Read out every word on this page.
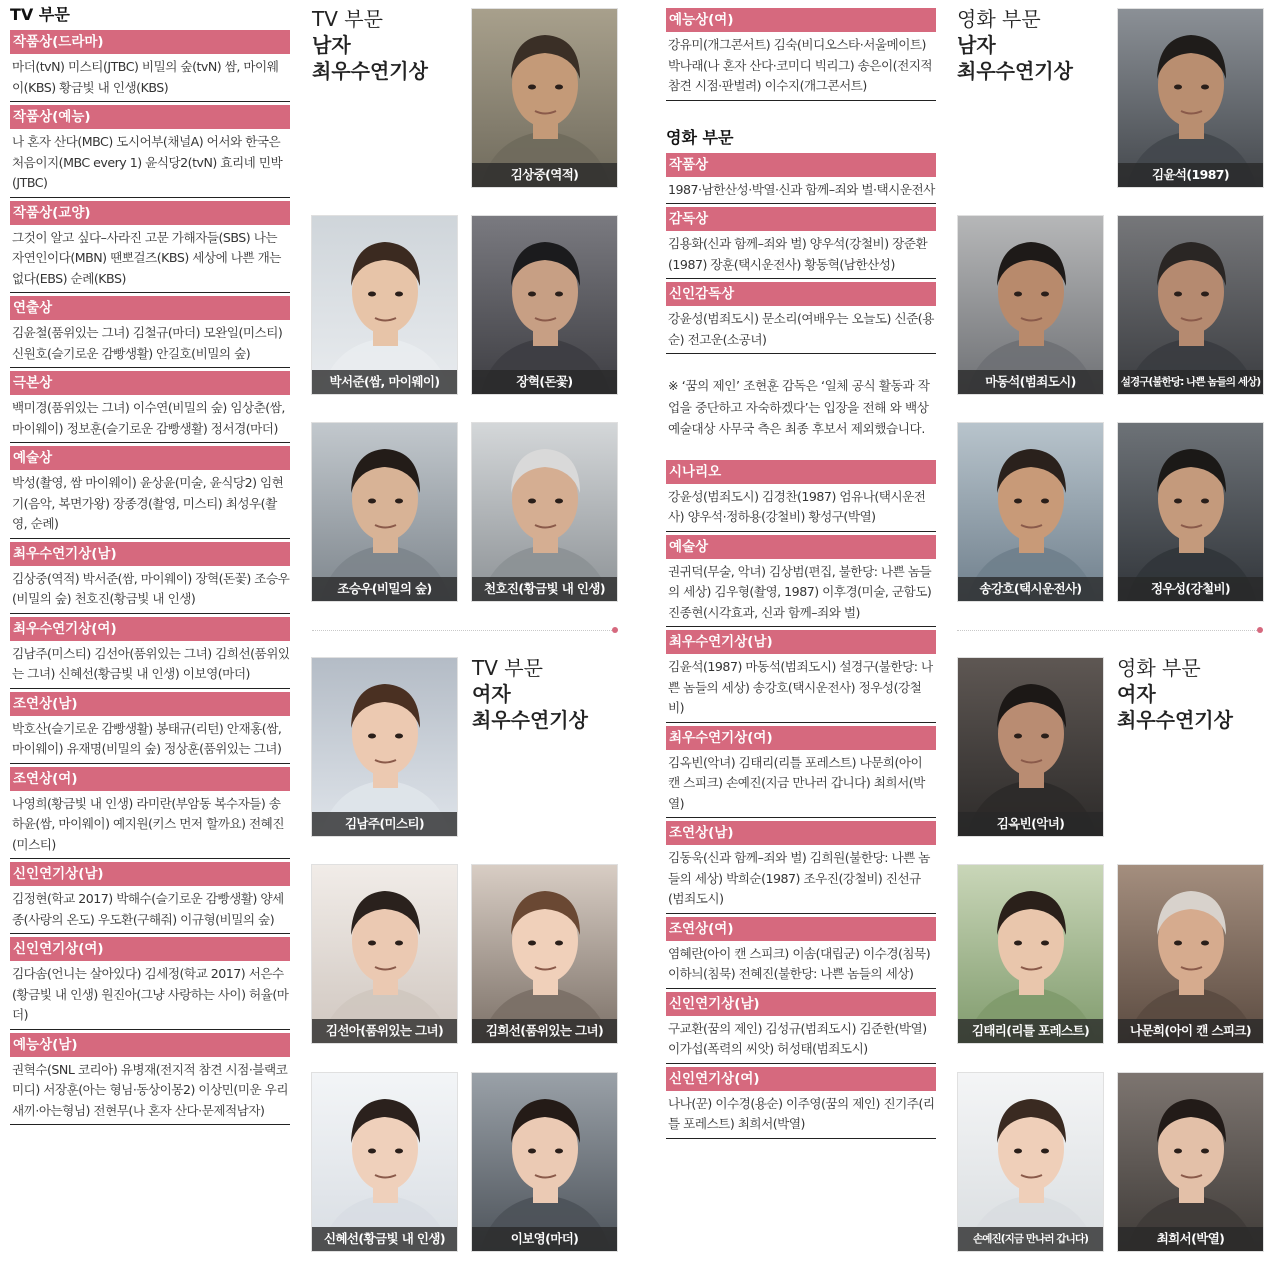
TV 부문
작품상(드라마)
마더(tvN) 미스티(JTBC) 비밀의 숲(tvN) 쌈, 마이웨이(KBS) 황금빛 내 인생(KBS)
작품상(예능)
나 혼자 산다(MBC) 도시어부(채널A) 어서와 한국은 처음이지(MBC every 1) 윤식당2(tvN) 효리네 민박(JTBC)
작품상(교양)
그것이 알고 싶다–사라진 고문 가해자들(SBS) 나는 자연인이다(MBN) 땐뽀걸즈(KBS) 세상에 나쁜 개는 없다(EBS) 순례(KBS)
연출상
김윤철(품위있는 그녀) 김철규(마더) 모완일(미스티) 신원호(슬기로운 감빵생활) 안길호(비밀의 숲)
극본상
백미경(품위있는 그녀) 이수연(비밀의 숲) 임상춘(쌈, 마이웨이) 정보훈(슬기로운 감빵생활) 정서경(마더)
예술상
박성(촬영, 쌈 마이웨이) 윤상윤(미술, 윤식당2) 임현기(음악, 복면가왕) 장종경(촬영, 미스티) 최성우(촬영, 순례)
최우수연기상(남)
김상중(역적) 박서준(쌈, 마이웨이) 장혁(돈꽃) 조승우(비밀의 숲) 천호진(황금빛 내 인생)
최우수연기상(여)
김남주(미스티) 김선아(품위있는 그녀) 김희선(품위있는 그녀) 신혜선(황금빛 내 인생) 이보영(마더)
조연상(남)
박호산(슬기로운 감빵생활) 봉태규(리턴) 안재홍(쌈, 마이웨이) 유재명(비밀의 숲) 정상훈(품위있는 그녀)
조연상(여)
나영희(황금빛 내 인생) 라미란(부암동 복수자들) 송하윤(쌈, 마이웨이) 예지원(키스 먼저 할까요) 전혜진(미스티)
신인연기상(남)
김정현(학교 2017) 박해수(슬기로운 감빵생활) 양세종(사랑의 온도) 우도환(구해줘) 이규형(비밀의 숲)
신인연기상(여)
김다솜(언니는 살아있다) 김세정(학교 2017) 서은수(황금빛 내 인생) 원진아(그냥 사랑하는 사이) 허율(마더)
예능상(남)
권혁수(SNL 코리아) 유병재(전지적 참견 시점·블랙코미디) 서장훈(아는 형님·동상이몽2) 이상민(미운 우리 새끼·아는형님) 전현무(나 혼자 산다·문제적남자)
예능상(여)
강유미(개그콘서트) 김숙(비디오스타·서울메이트) 박나래(나 혼자 산다·코미디 빅리그) 송은이(전지적 참견 시점·판벌려) 이수지(개그콘서트)
영화 부문
작품상
1987·남한산성·박열·신과 함께–죄와 벌·택시운전사
감독상
김용화(신과 함께–죄와 벌) 양우석(강철비) 장준환(1987) 장훈(택시운전사) 황동혁(남한산성)
신인감독상
강윤성(범죄도시) 문소리(여배우는 오늘도) 신준(용순) 전고운(소공녀)
※ ‘꿈의 제인’ 조현훈 감독은 ‘일체 공식 활동과 작업을 중단하고 자숙하겠다’는 입장을 전해 와 백상예술대상 사무국 측은 최종 후보서 제외했습니다.
시나리오
강윤성(범죄도시) 김경찬(1987) 엄유나(택시운전사) 양우석·정하용(강철비) 황성구(박열)
예술상
권귀덕(무술, 악녀) 김상범(편집, 불한당: 나쁜 놈들의 세상) 김우형(촬영, 1987) 이후경(미술, 군함도) 진종현(시각효과, 신과 함께–죄와 벌)
최우수연기상(남)
김윤석(1987) 마동석(범죄도시) 설경구(불한당: 나쁜 놈들의 세상) 송강호(택시운전사) 정우성(강철비)
최우수연기상(여)
김옥빈(악녀) 김태리(리틀 포레스트) 나문희(아이 캔 스피크) 손예진(지금 만나러 갑니다) 최희서(박열)
조연상(남)
김동욱(신과 함께–죄와 벌) 김희원(불한당: 나쁜 놈들의 세상) 박희순(1987) 조우진(강철비) 진선규(범죄도시)
조연상(여)
염혜란(아이 캔 스피크) 이솜(대립군) 이수경(침묵) 이하늬(침묵) 전혜진(불한당: 나쁜 놈들의 세상)
신인연기상(남)
구교환(꿈의 제인) 김성규(범죄도시) 김준한(박열) 이가섭(폭력의 씨앗) 허성태(범죄도시)
신인연기상(여)
나나(꾼) 이수경(용순) 이주영(꿈의 제인) 진기주(리틀 포레스트) 최희서(박열)
TV 부문
남자
최우수연기상
TV 부문
여자
최우수연기상
영화 부문
남자
최우수연기상
영화 부문
여자
최우수연기상
김상중(역적)
박서준(쌈, 마이웨이)	장혁(돈꽃)
조승우(비밀의 숲)	천호진(황금빛 내 인생)
김남주(미스티)
김선아(품위있는 그녀)	김희선(품위있는 그녀)
신혜선(황금빛 내 인생)	이보영(마더)
김윤석(1987)
마동석(범죄도시)	설경구(불한당: 나쁜 놈들의 세상)
송강호(택시운전사)	정우성(강철비)
김옥빈(악녀)
김태리(리틀 포레스트)	나문희(아이 캔 스피크)
손예진(지금 만나러 갑니다)	최희서(박열)
